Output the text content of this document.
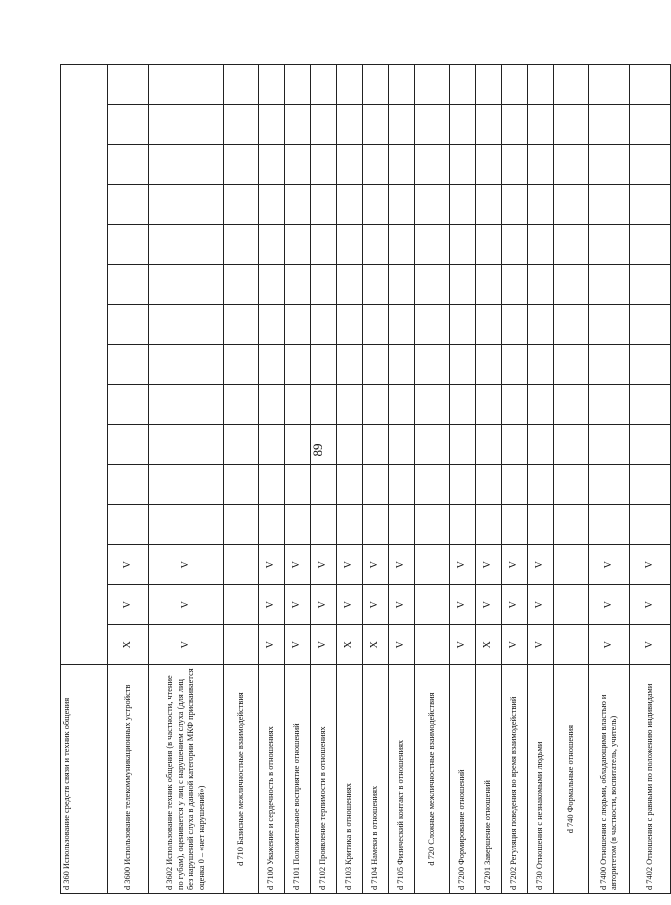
89
d 360 Использование средств связи и техник общения															
d 3600 Использование телекоммуникационных устройств	X	V	V												
d 3602 Использование техник общения (в частности, чтение по губам), оценивается у лиц с нарушением слуха (для лиц без нарушений слуха в данной категории МКФ присваивается оценка 0 – «нет нарушений»)	V	V	V												
d 710 Базисные межличностные взаимодействия															
d 7100 Уважение и сердечность в отношениях	V	V	V												
d 7101 Положительное восприятие отношений	V	V	V												
d 7102 Проявление терпимости в отношениях	V	V	V												
d 7103 Критика в отношениях	X	V	V												
d 7104 Намеки в отношениях	X	V	V												
d 7105 Физический контакт в отношениях	V	V	V												
d 720 Сложные межличностные взаимодействия															
d 7200 Формирование отношений	V	V	V												
d 7201 Завершение отношений	X	V	V												
d 7202 Регуляция поведения во время взаимодействий	V	V	V												
d 730 Отношения с незнакомыми людьми	V	V	V												
d 740 Формальные отношения															
d 7400 Отношения с людьми, обладающими властью и авторитетом (в частности, воспитатель, учитель)	V	V	V												
d 7402 Отношения с равными по положению индивидами	V	V	V												
